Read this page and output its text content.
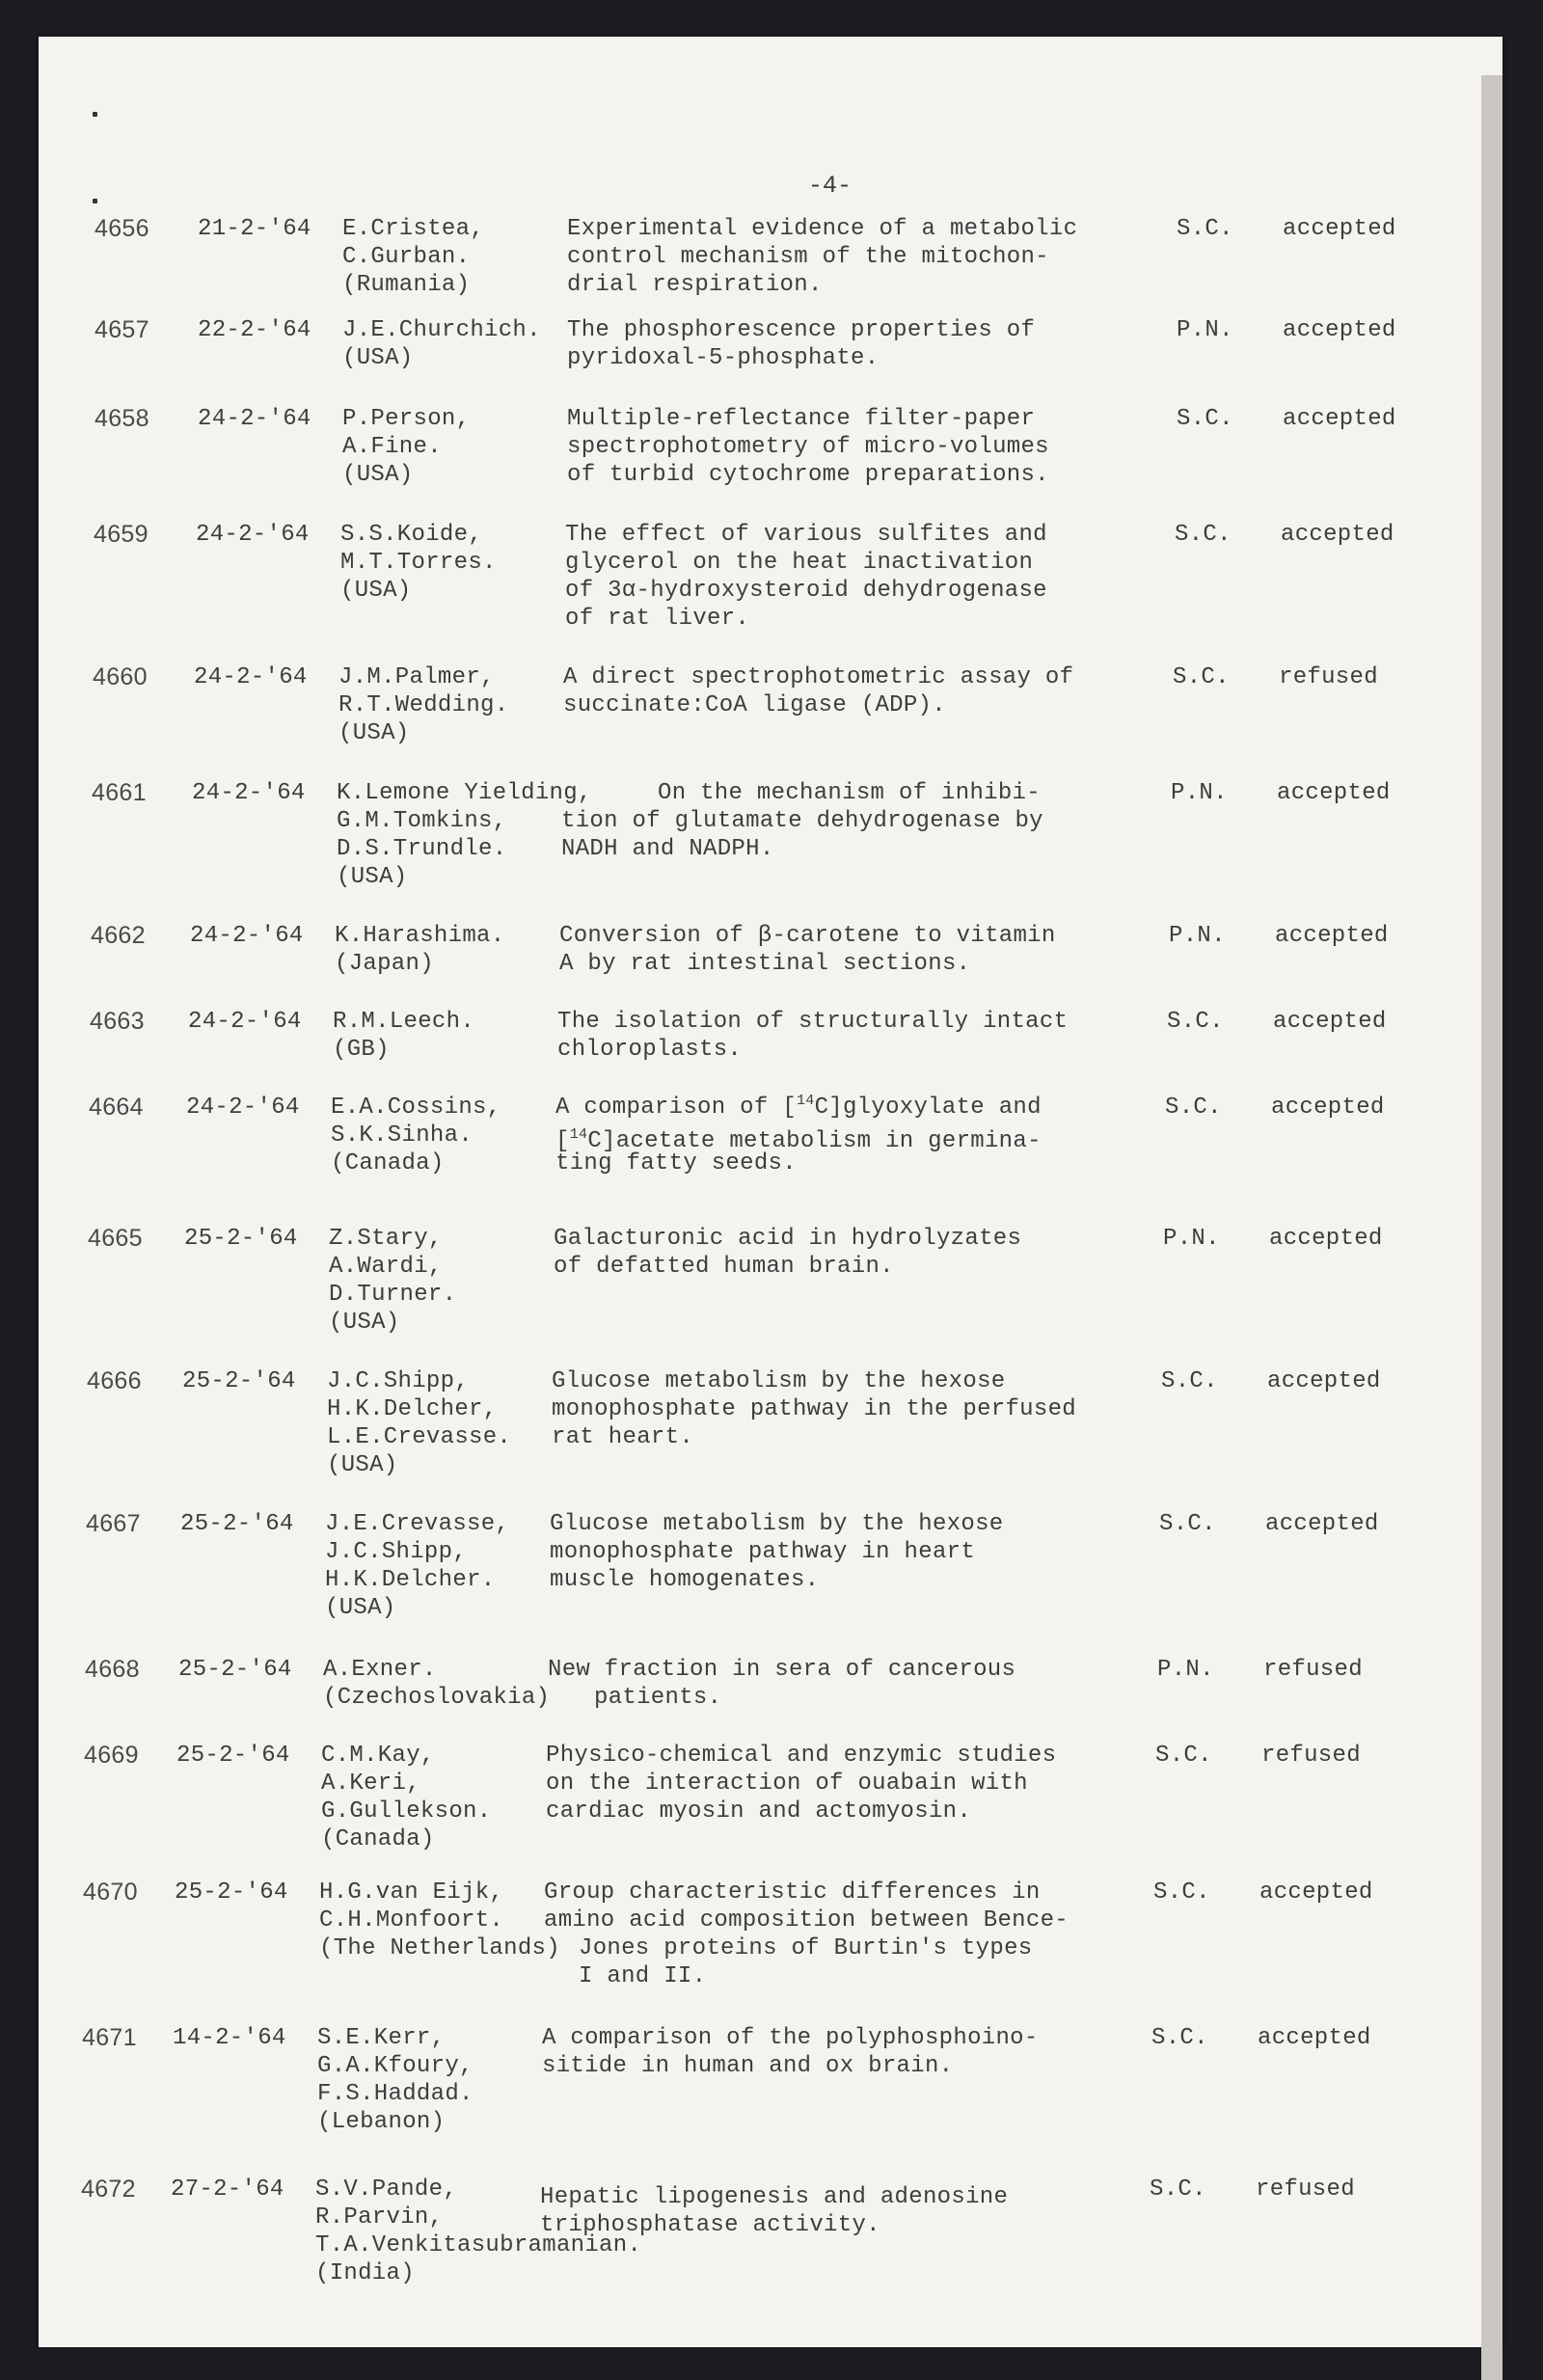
-4-
4656 21-2-'64 E.Cristea,
C.Gurban.
(Rumania)
Experimental evidence of a metabolic
control mechanism of the mitochon-
drial respiration.
S.C. accepted
4657 22-2-'64 J.E.Churchich.
(USA)
The phosphorescence properties of
pyridoxal-5-phosphate.
P.N. accepted
4658 24-2-'64 P.Person,
A.Fine.
(USA)
Multiple-reflectance filter-paper
spectrophotometry of micro-volumes
of turbid cytochrome preparations.
S.C. accepted
4659 24-2-'64 S.S.Koide,
M.T.Torres.
(USA)
The effect of various sulfites and
glycerol on the heat inactivation
of 3α-hydroxysteroid dehydrogenase
of rat liver.
S.C. accepted
4660 24-2-'64 J.M.Palmer,
R.T.Wedding.
(USA)
A direct spectrophotometric assay of
succinate:CoA ligase (ADP).
S.C. refused
4661 24-2-'64 K.Lemone Yielding,
G.M.Tomkins,
D.S.Trundle.
(USA)
On the mechanism of inhibi-
tion of glutamate dehydrogenase by
NADH and NADPH.
P.N. accepted
4662 24-2-'64 K.Harashima.
(Japan)
Conversion of β-carotene to vitamin
A by rat intestinal sections.
P.N. accepted
4663 24-2-'64 R.M.Leech.
(GB)
The isolation of structurally intact
chloroplasts.
S.C. accepted
4664 24-2-'64 E.A.Cossins,
S.K.Sinha.
(Canada)
A comparison of [$^{14}$C]glyoxylate and
[$^{14}$C]acetate metabolism in germina-
ting fatty seeds.
S.C. accepted
4665 25-2-'64 Z.Stary,
A.Wardi,
D.Turner.
(USA)
Galacturonic acid in hydrolyzates
of defatted human brain.
P.N. accepted
4666 25-2-'64 J.C.Shipp,
H.K.Delcher,
L.E.Crevasse.
(USA)
Glucose metabolism by the hexose
monophosphate pathway in the perfused
rat heart.
S.C. accepted
4667 25-2-'64 J.E.Crevasse,
J.C.Shipp,
H.K.Delcher.
(USA)
Glucose metabolism by the hexose
monophosphate pathway in heart
muscle homogenates.
S.C. accepted
4668 25-2-'64 A.Exner.
(Czechoslovakia)
New fraction in sera of cancerous
patients.
P.N. refused
4669 25-2-'64 C.M.Kay,
A.Keri,
G.Gullekson.
(Canada)
Physico-chemical and enzymic studies
on the interaction of ouabain with
cardiac myosin and actomyosin.
S.C. refused
4670 25-2-'64 H.G.van Eijk,
C.H.Monfoort.
(The Netherlands)
Group characteristic differences in
amino acid composition between Bence-
Jones proteins of Burtin's types
I and II.
S.C. accepted
4671 14-2-'64 S.E.Kerr,
G.A.Kfoury,
F.S.Haddad.
(Lebanon)
A comparison of the polyphosphoino-
sitide in human and ox brain.
S.C. accepted
4672 27-2-'64 S.V.Pande,
R.Parvin,
T.A.Venkitasubramanian.
(India)
Hepatic lipogenesis and adenosine
triphosphatase activity.
S.C. refused
